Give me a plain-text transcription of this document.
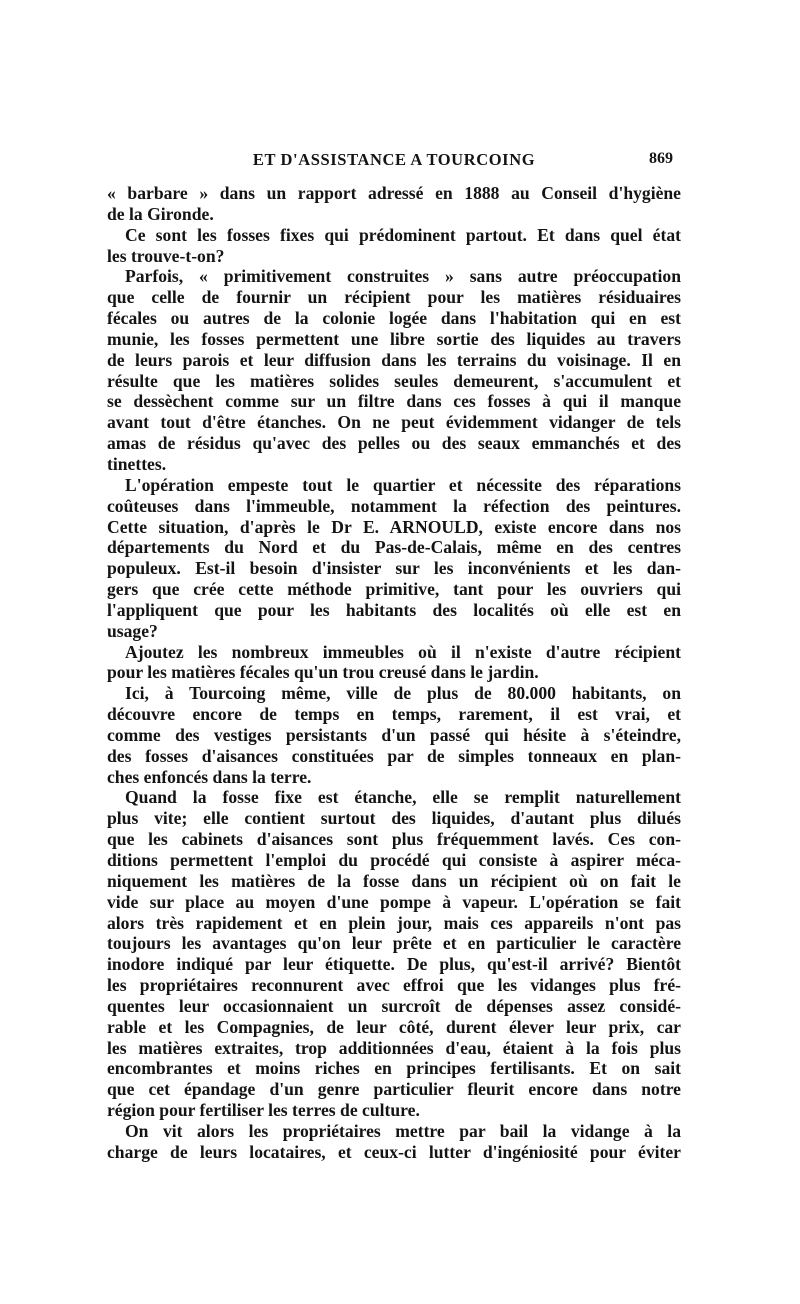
ET D'ASSISTANCE A TOURCOING	869
« barbare » dans un rapport adressé en 1888 au Conseil d'hygiène
de la Gironde.
Ce sont les fosses fixes qui prédominent partout. Et dans quel état
les trouve-t-on?
Parfois, « primitivement construites » sans autre préoccupation
que celle de fournir un récipient pour les matières résiduaires
fécales ou autres de la colonie logée dans l'habitation qui en est
munie, les fosses permettent une libre sortie des liquides au travers
de leurs parois et leur diffusion dans les terrains du voisinage. Il en
résulte que les matières solides seules demeurent, s'accumulent et
se dessèchent comme sur un filtre dans ces fosses à qui il manque
avant tout d'être étanches. On ne peut évidemment vidanger de tels
amas de résidus qu'avec des pelles ou des seaux emmanchés et des
tinettes.
L'opération empeste tout le quartier et nécessite des réparations
coûteuses dans l'immeuble, notamment la réfection des peintures.
Cette situation, d'après le Dr E. ARNOULD, existe encore dans nos
départements du Nord et du Pas-de-Calais, même en des centres
populeux. Est-il besoin d'insister sur les inconvénients et les dan-
gers que crée cette méthode primitive, tant pour les ouvriers qui
l'appliquent que pour les habitants des localités où elle est en
usage?
Ajoutez les nombreux immeubles où il n'existe d'autre récipient
pour les matières fécales qu'un trou creusé dans le jardin.
Ici, à Tourcoing même, ville de plus de 80.000 habitants, on
découvre encore de temps en temps, rarement, il est vrai, et
comme des vestiges persistants d'un passé qui hésite à s'éteindre,
des fosses d'aisances constituées par de simples tonneaux en plan-
ches enfoncés dans la terre.
Quand la fosse fixe est étanche, elle se remplit naturellement
plus vite; elle contient surtout des liquides, d'autant plus dilués
que les cabinets d'aisances sont plus fréquemment lavés. Ces con-
ditions permettent l'emploi du procédé qui consiste à aspirer méca-
niquement les matières de la fosse dans un récipient où on fait le
vide sur place au moyen d'une pompe à vapeur. L'opération se fait
alors très rapidement et en plein jour, mais ces appareils n'ont pas
toujours les avantages qu'on leur prête et en particulier le caractère
inodore indiqué par leur étiquette. De plus, qu'est-il arrivé? Bientôt
les propriétaires reconnurent avec effroi que les vidanges plus fré-
quentes leur occasionnaient un surcroît de dépenses assez considé-
rable et les Compagnies, de leur côté, durent élever leur prix, car
les matières extraites, trop additionnées d'eau, étaient à la fois plus
encombrantes et moins riches en principes fertilisants. Et on sait
que cet épandage d'un genre particulier fleurit encore dans notre
région pour fertiliser les terres de culture.
On vit alors les propriétaires mettre par bail la vidange à la
charge de leurs locataires, et ceux-ci lutter d'ingéniosité pour éviter
